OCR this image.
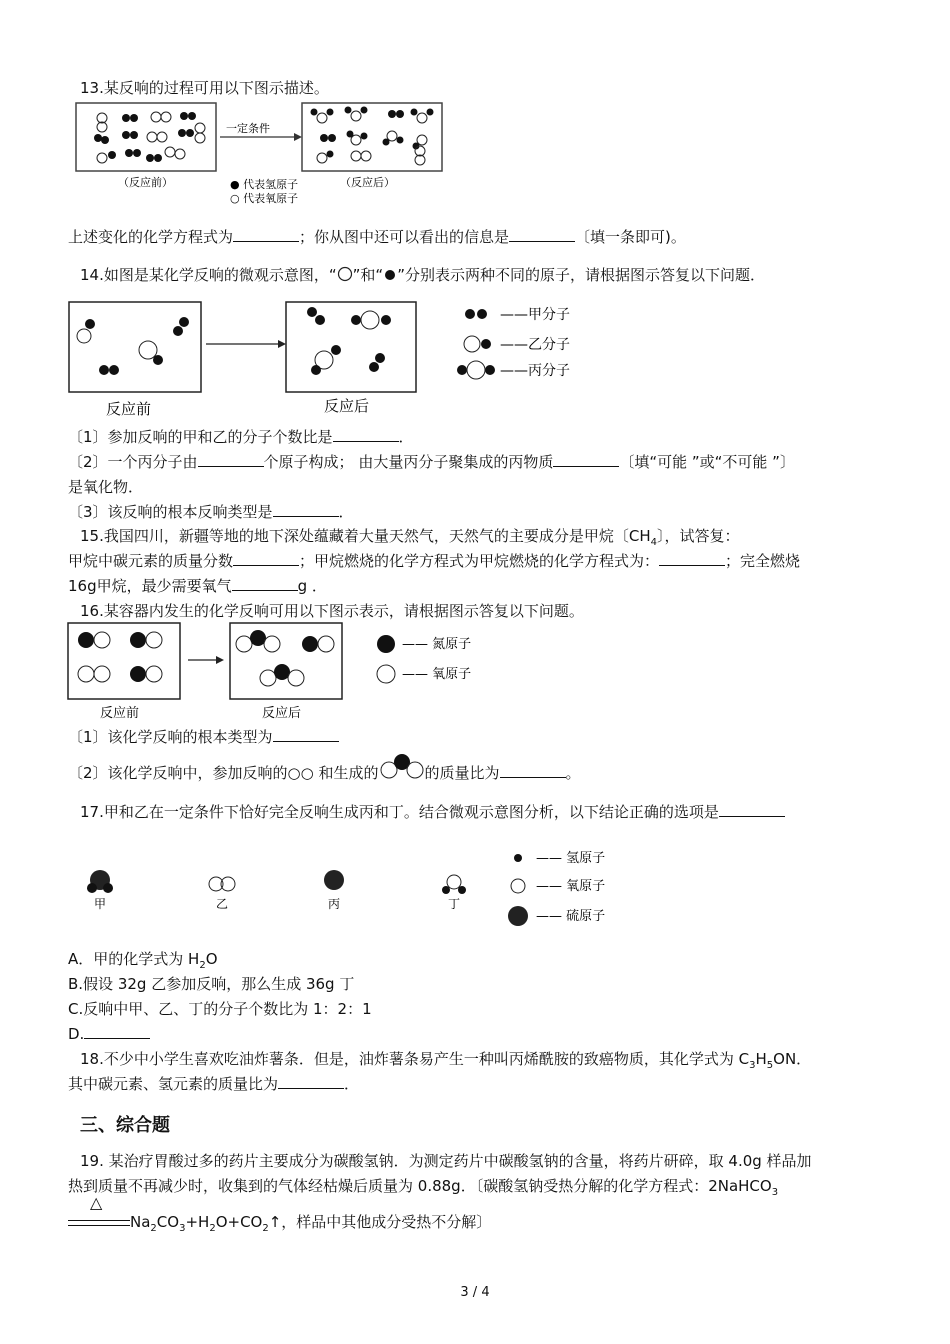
13.某反响的过程可用以下图示描述。
一定条件
（反应前）	（反应后）
● 代表氢原子
○ 代表氧原子
上述变化的化学方程式为	；你从图中还可以看出的信息是	〔填一条即可)。
14.如图是某化学反响的微观示意图，“ ”和“ ”分别表示两种不同的原子，请根据图示答复以下问题．
——甲分子
——乙分子
——丙分子
反应前	反应后
〔1〕参加反响的甲和乙的分子个数比是	．
〔2〕一个丙分子由	个原子构成； 由大量丙分子聚集成的丙物质	〔填“可能 ”或“不可能 ”〕
是氧化物．
〔3〕该反响的根本反响类型是	．
15.我国四川，新疆等地的地下深处蕴藏着大量天然气，天然气的主要成分是甲烷〔$CH_4$〕，试答复：
甲烷中碳元素的质量分数	；甲烷燃烧的化学方程式为甲烷燃烧的化学方程式为：	；完全燃烧
16g甲烷，最少需要氧气	g ．
16.某容器内发生的化学反响可用以下图示表示，请根据图示答复以下问题。
—— 氮原子
—— 氧原子
反应前	反应后
〔1〕该化学反响的根本类型为
〔2〕该化学反响中，参加反响的○○ 和生成的	的质量比为	。
17.甲和乙在一定条件下恰好完全反响生成丙和丁。结合微观示意图分析，以下结论正确的选项是
甲	乙	丙	丁
—— 氢原子
—— 氧原子
—— 硫原子
A．甲的化学式为 $H_2O$
B.假设 32g 乙参加反响，那么生成 36g 丁
C.反响中甲、乙、丁的分子个数比为 1：2：1
D.
18.不少中小学生喜欢吃油炸薯条．但是，油炸薯条易产生一种叫丙烯酰胺的致癌物质，其化学式为 $C_3H_5ON$．
其中碳元素、氢元素的质量比为	．
三、综合题
19. 某治疗胃酸过多的药片主要成分为碳酸氢钠．为测定药片中碳酸氢钠的含量，将药片研碎，取 4.0g 样品加
热到质量不再减少时，收集到的气体经枯燥后质量为 0.88g．〔碳酸氢钠受热分解的化学方程式：2NaHCO$_3$
△
$Na_2CO_3+H_2O+CO_2↑$，样品中其他成分受热不分解〕
3 / 4
